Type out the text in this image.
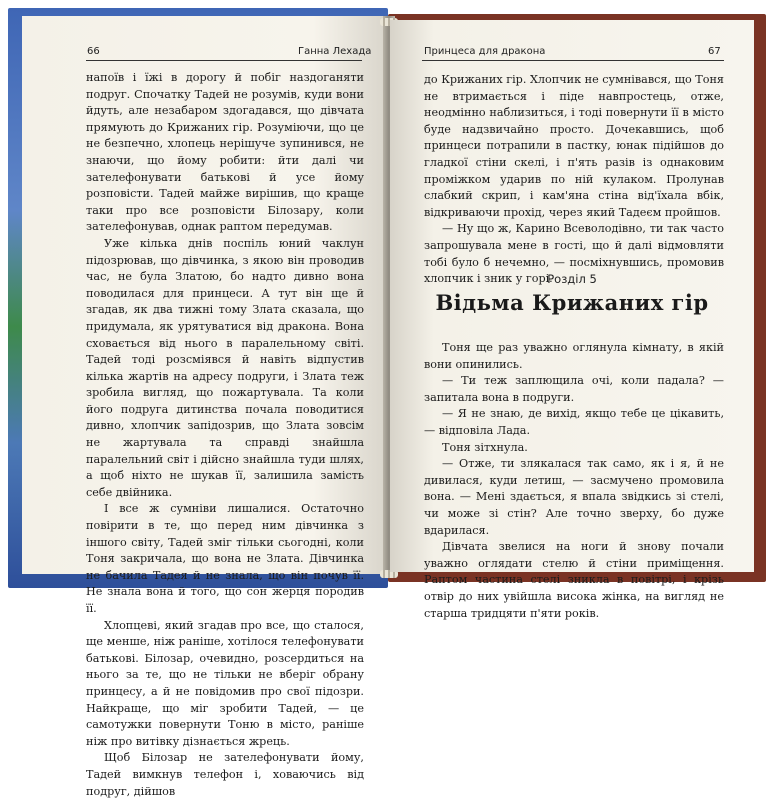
66	Ганна Лехада

напоїв і їжі в дорогу й побіг наздоганяти подруг. Спочатку Тадей не розумів, куди вони йдуть, але незабаром здогадався, що дівчата прямують до Крижаних гір. Розуміючи, що це не безпечно, хлопець нерішуче зупинився, не знаючи, що йому робити: йти далі чи зателефонувати батькові й усе йому розповісти. Тадей майже вирішив, що краще таки про все розповісти Білозару, коли зателефонував, однак раптом передумав.

Уже кілька днів поспіль юний чаклун підозрював, що дівчинка, з якою він проводив час, не була Златою, бо надто дивно вона поводилася для принцеси. А тут він ще й згадав, як два тижні тому Злата сказала, що придумала, як урятуватися від дракона. Вона сховається від нього в паралельному світі. Тадей тоді розсміявся й навіть відпустив кілька жартів на адресу подруги, і Злата теж зробила вигляд, що пожартувала. Та коли його подруга дитинства почала поводитися дивно, хлопчик запідозрив, що Злата зовсім не жартувала та справді знайшла паралельний світ і дійсно знайшла туди шлях, а щоб ніхто не шукав її, залишила замість себе двійника.

І все ж сумніви лишалися. Остаточно повірити в те, що перед ним дівчинка з іншого світу, Тадей зміг тільки сьогодні, коли Тоня закричала, що вона не Злата. Дівчинка не бачила Тадея й не знала, що він почув її. Не знала вона й того, що сон жерця породив її.

Хлопцеві, який згадав про все, що сталося, ще менше, ніж раніше, хотілося телефонувати батькові. Білозар, очевидно, розсердиться на нього за те, що не тільки не вберіг обрану принцесу, а й не повідомив про свої підозри. Найкраще, що міг зробити Тадей, — це самотужки повернути Тоню в місто, раніше ніж про витівку дізнається жрець.

Щоб Білозар не зателефонувати йому, Тадей вимкнув телефон і, ховаючись від подруг, дійшов

Принцеса для дракона	67

до Крижаних гір. Хлопчик не сумнівався, що Тоня не втримається і піде навпростець, отже, неодмінно наблизиться, і тоді повернути її в місто буде надзвичайно просто. Дочекавшись, щоб принцеси потрапили в пастку, юнак підійшов до гладкої стіни скелі, і п'ять разів із однаковим проміжком ударив по ній кулаком. Пролунав слабкий скрип, і кам'яна стіна від'їхала вбік, відкриваючи прохід, через який Тадеєм пройшов.

— Ну що ж, Карино Всеволодівно, ти так часто запрошувала мене в гості, що й далі відмовляти тобі було б нечемно, — посміхнувшись, промовив хлопчик і зник у горі.

Розділ 5
Відьма Крижаних гір

Тоня ще раз уважно оглянула кімнату, в якій вони опинились.

— Ти теж заплющила очі, коли падала? — запитала вона в подруги.

— Я не знаю, де вихід, якщо тебе це цікавить, — відповіла Лада.

Тоня зітхнула.

— Отже, ти злякалася так само, як і я, й не дивилася, куди летиш, — засмучено промовила вона. — Мені здається, я впала звідкись зі стелі, чи може зі стін? Але точно зверху, бо дуже вдарилася.

Дівчата звелися на ноги й знову почали уважно оглядати стелю й стіни приміщення. Раптом частина стелі зникла в повітрі, і крізь отвір до них увійшла висока жінка, на вигляд не старша тридцяти п'яти років.
